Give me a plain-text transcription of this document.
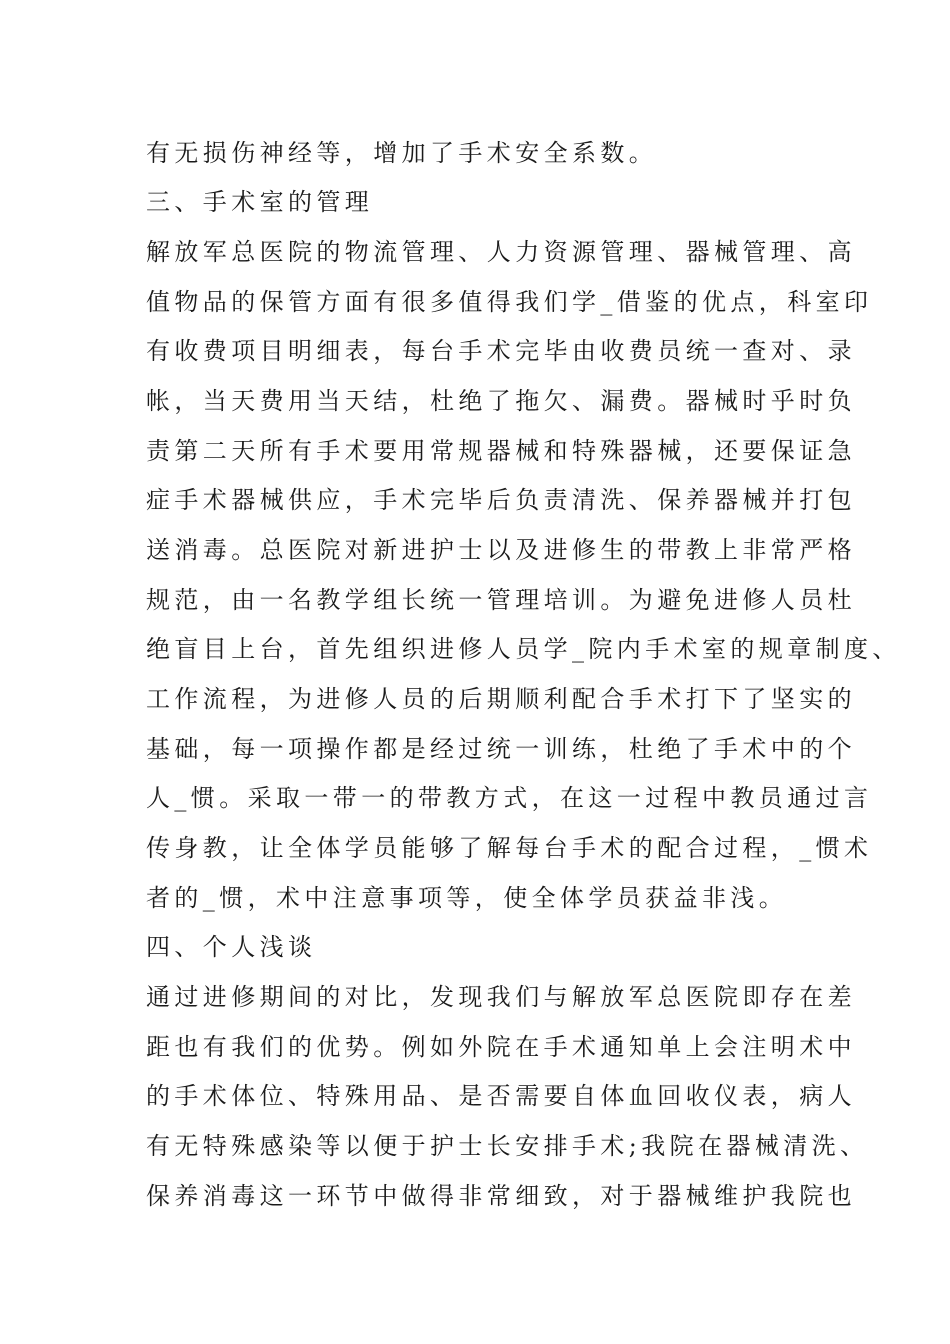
有无损伤神经等，增加了手术安全系数。
三、手术室的管理
解放军总医院的物流管理、人力资源管理、器械管理、高
值物品的保管方面有很多值得我们学_借鉴的优点，科室印
有收费项目明细表，每台手术完毕由收费员统一查对、录
帐，当天费用当天结，杜绝了拖欠、漏费。器械时乎时负
责第二天所有手术要用常规器械和特殊器械，还要保证急
症手术器械供应，手术完毕后负责清洗、保养器械并打包
送消毒。总医院对新进护士以及进修生的带教上非常严格
规范，由一名教学组长统一管理培训。为避免进修人员杜
绝盲目上台，首先组织进修人员学_院内手术室的规章制度、
工作流程，为进修人员的后期顺利配合手术打下了坚实的
基础，每一项操作都是经过统一训练，杜绝了手术中的个
人_惯。采取一带一的带教方式，在这一过程中教员通过言
传身教，让全体学员能够了解每台手术的配合过程，_惯术
者的_惯，术中注意事项等，使全体学员获益非浅。
四、个人浅谈
通过进修期间的对比，发现我们与解放军总医院即存在差
距也有我们的优势。例如外院在手术通知单上会注明术中
的手术体位、特殊用品、是否需要自体血回收仪表，病人
有无特殊感染等以便于护士长安排手术;我院在器械清洗、
保养消毒这一环节中做得非常细致，对于器械维护我院也
